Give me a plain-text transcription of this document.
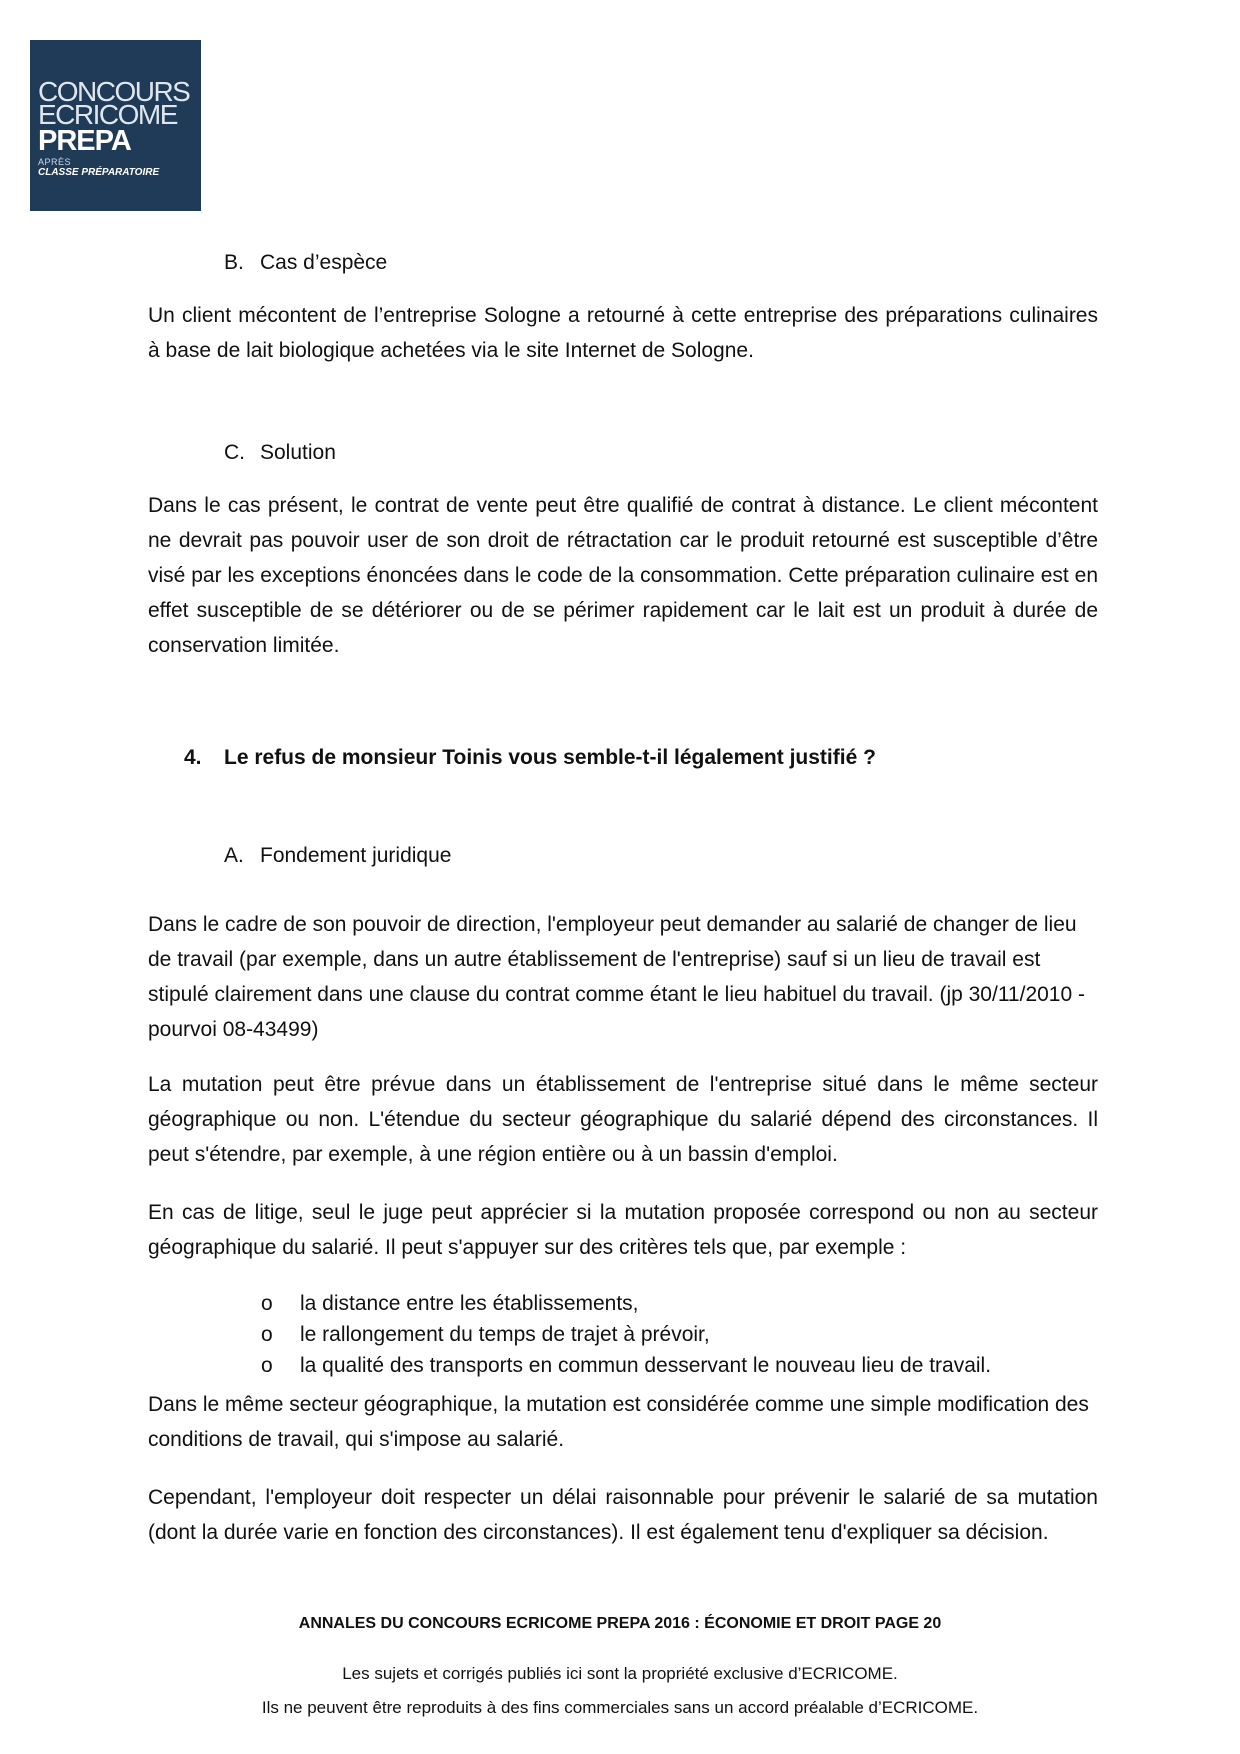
CONCOURS
ECRICOME
PREPA
APRÈS
CLASSE PRÉPARATOIRE

B. Cas d’espèce

Un client mécontent de l’entreprise Sologne a retourné à cette entreprise des préparations culinaires à base de lait biologique achetées via le site Internet de Sologne.

C. Solution

Dans le cas présent, le contrat de vente peut être qualifié de contrat à distance. Le client mécontent ne devrait pas pouvoir user de son droit de rétractation car le produit retourné est susceptible d’être visé par les exceptions énoncées dans le code de la consommation. Cette préparation culinaire est en effet susceptible de se détériorer ou de se périmer rapidement car le lait est un produit à durée de conservation limitée.

4. Le refus de monsieur Toinis vous semble-t-il légalement justifié ?

A. Fondement juridique

Dans le cadre de son pouvoir de direction, l'employeur peut demander au salarié de changer de lieu de travail (par exemple, dans un autre établissement de l'entreprise) sauf si un lieu de travail est stipulé clairement dans une clause du contrat comme étant le lieu habituel du travail. (jp 30/11/2010 - pourvoi 08-43499)

La mutation peut être prévue dans un établissement de l'entreprise situé dans le même secteur géographique ou non. L'étendue du secteur géographique du salarié dépend des circonstances. Il peut s'étendre, par exemple, à une région entière ou à un bassin d'emploi.

En cas de litige, seul le juge peut apprécier si la mutation proposée correspond ou non au secteur géographique du salarié. Il peut s'appuyer sur des critères tels que, par exemple :

o la distance entre les établissements,
o le rallongement du temps de trajet à prévoir,
o la qualité des transports en commun desservant le nouveau lieu de travail.

Dans le même secteur géographique, la mutation est considérée comme une simple modification des conditions de travail, qui s'impose au salarié.

Cependant, l'employeur doit respecter un délai raisonnable pour prévenir le salarié de sa mutation (dont la durée varie en fonction des circonstances). Il est également tenu d'expliquer sa décision.

ANNALES DU CONCOURS ECRICOME PREPA 2016 : ÉCONOMIE ET DROIT PAGE 20

Les sujets et corrigés publiés ici sont la propriété exclusive d’ECRICOME.

Ils ne peuvent être reproduits à des fins commerciales sans un accord préalable d’ECRICOME.
